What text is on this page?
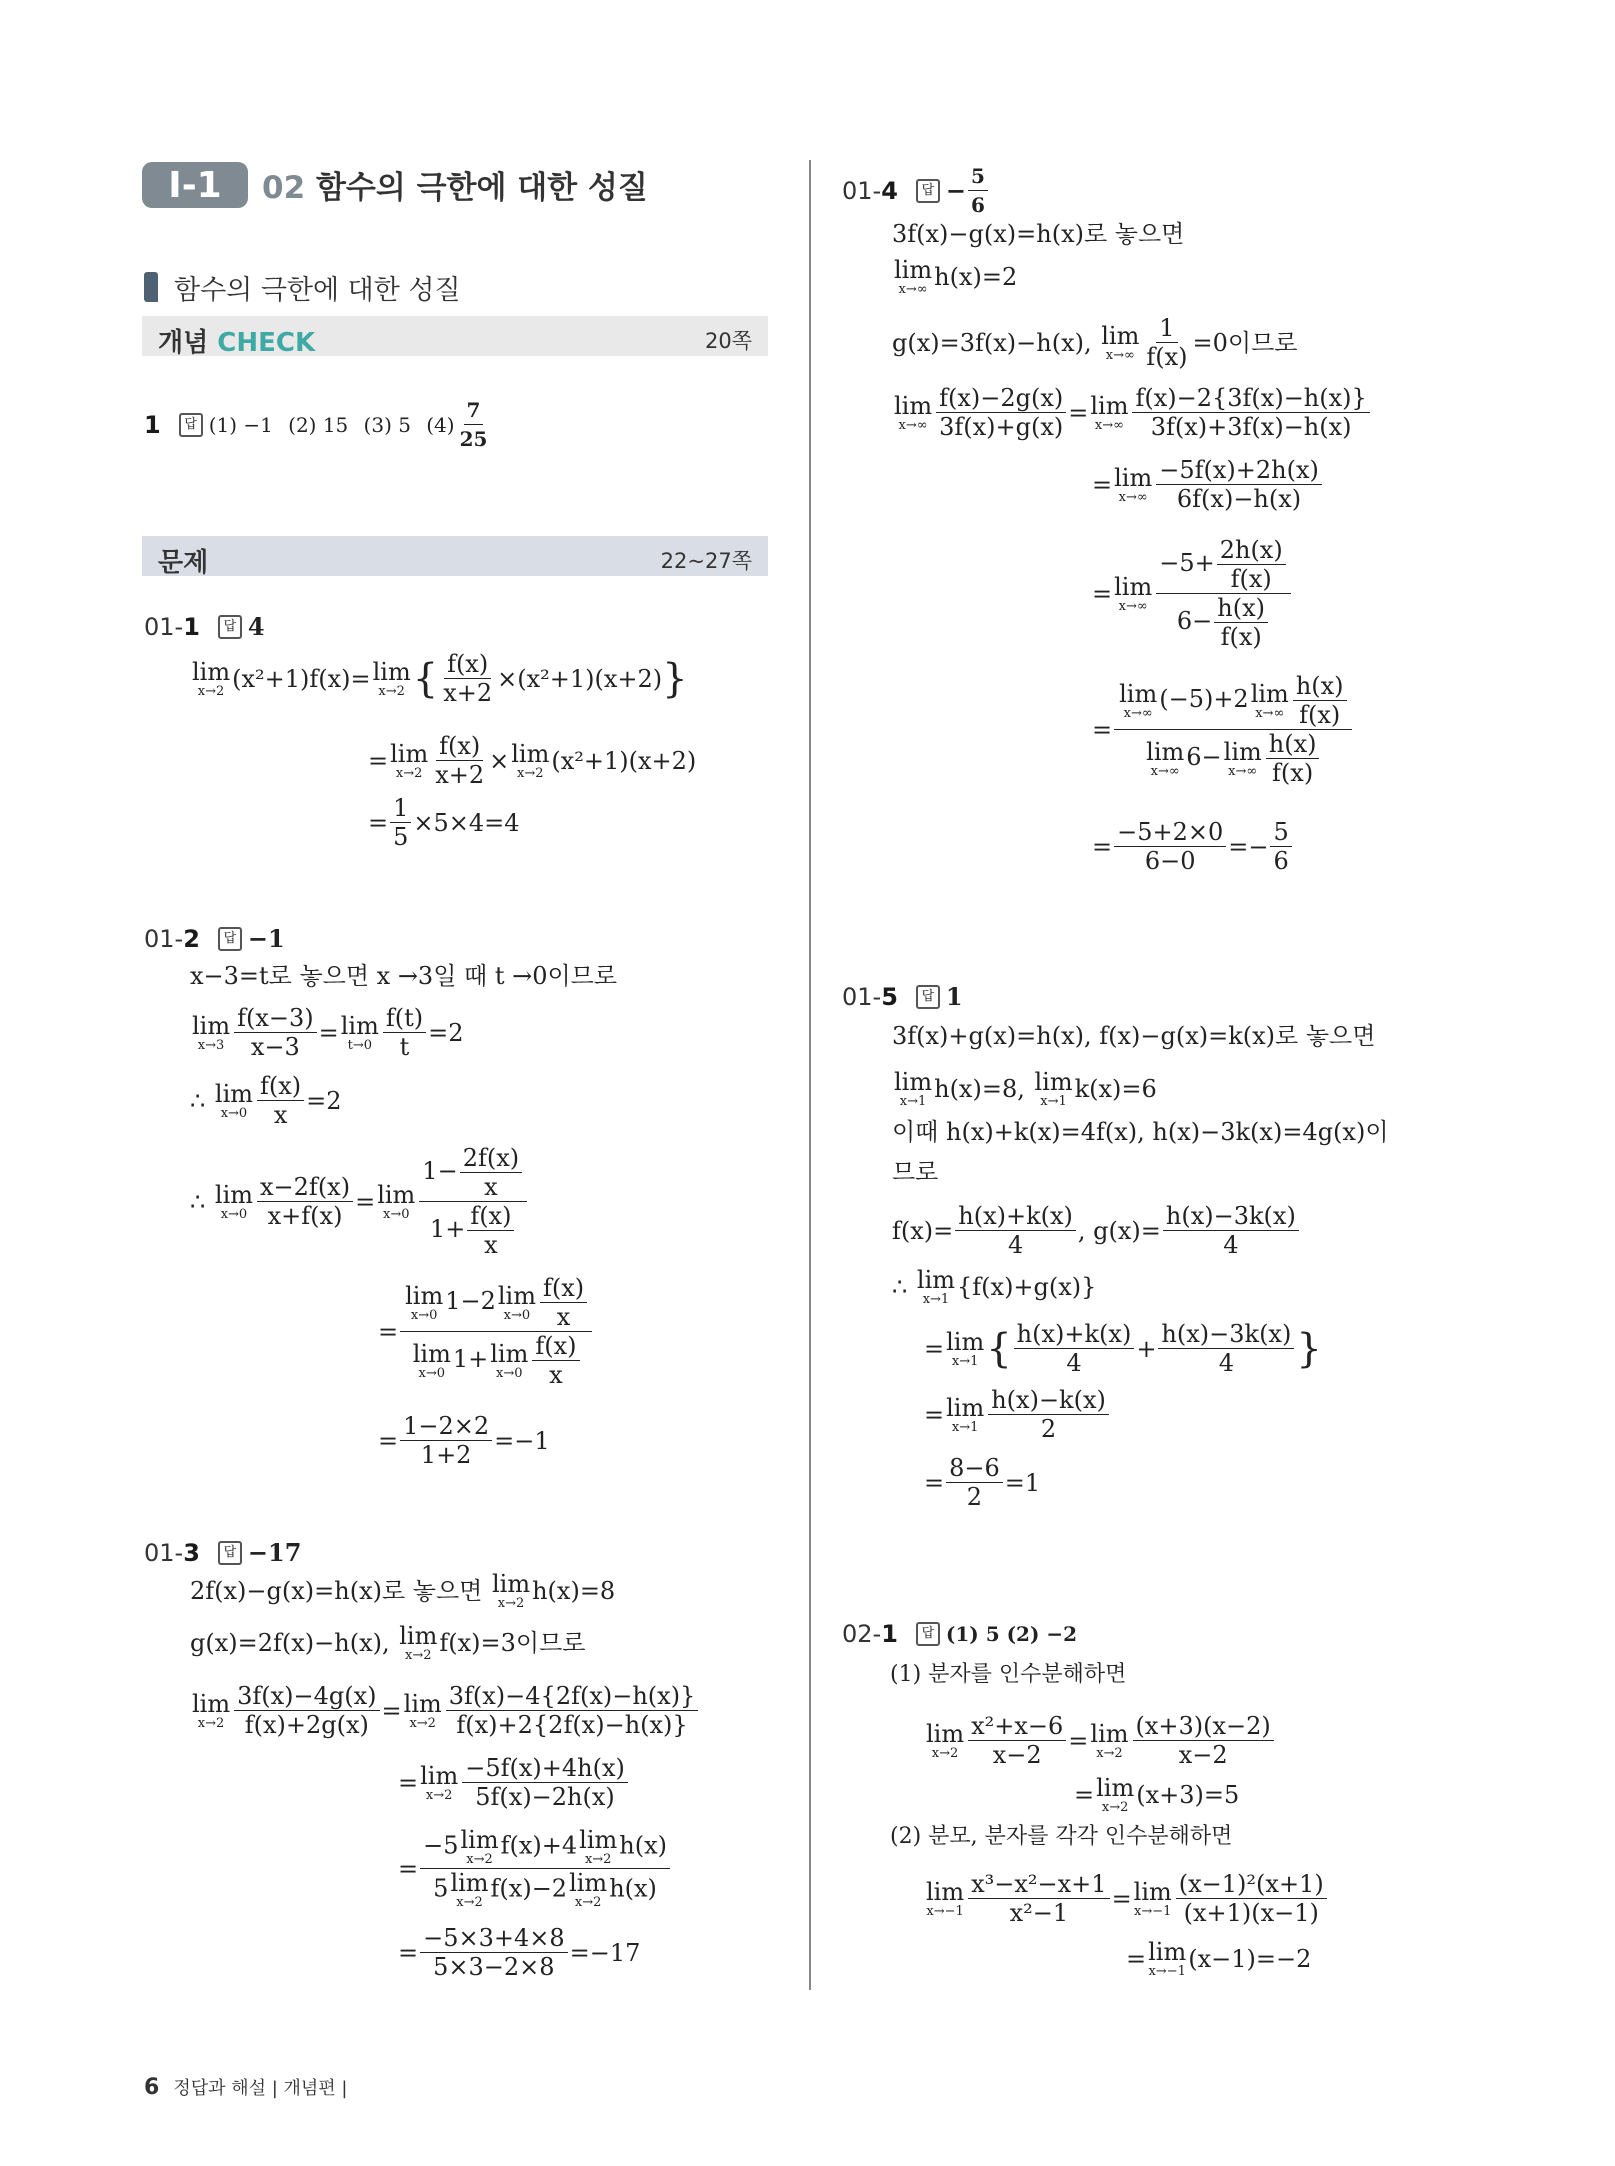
Ⅰ-1	02 함수의 극한에 대한 성질
함수의 극한에 대한 성질
개념 CHECK	20쪽
1	답 (1) −1
(2) 15
(3) 5
$(4) \frac{7}{25}$
문제	22~27쪽
01-1	답 4
lim
x→2 (x²+1)f(x)= lim
x→2 { $\frac{f(x)}{x+2} \times(x^2+1)(x+2)$ }
= lim
$x\to 2 \frac{f(x)}{x+2} \times \lim$
x→2 (x²+1)(x+2)
= $\frac{1}{5} \times 5\times 4=4$
01-2	답 −1
x−3=t로 놓으면 x →3일 때 t →0이므로
lim
$x\to 3 \frac{f(x-3)}{x-3} = \lim$
$t\to 0 \frac{f(t)}{t} =2$
∴ lim
$x\to 0 \frac{f(x)}{x} =2$
∴ lim
$x\to 0 \frac{x-2f(x)}{x+f(x)} = \lim$
$x\to 0 \frac{1- \frac{2f(x)}{x}}{1+ \frac{f(x)}{x}}$
= lim
x→0 1−2 lim
$x\to 0 \frac{f(x)}{x}$
lim
x→0 1+ lim
$x\to 0 \frac{f(x)}{x}$
= $\frac{1-2\times 2}{1+2} =-1$
01-3	답 −17
2f(x)−g(x)=h(x)로 놓으면
lim
x→2 h(x)=8
g(x)=2f(x)−h(x),
lim
x→2 f(x)=3이므로
lim
$x\to 2 \frac{3f(x)-4g(x)}{f(x)+2g(x)} = \lim$
$x\to 2 \frac{3f(x)-4\{2f(x)-h(x)\}}{f(x)+2\{2f(x)-h(x)\}}$
= lim
$x\to 2 \frac{-5f(x)+4h(x)}{5f(x)-2h(x)}$
= −5 lim
x→2 f(x)+4 lim
x→2 h(x)
5 lim
x→2 f(x)−2 lim
x→2 h(x)
= $\frac{-5\times 3+4\times 8}{5\times 3-2\times 8} =-17$
01-4	답 − $\frac{5}{6}$
3f(x)−g(x)=h(x)로 놓으면
lim
x→∞ h(x)=2
g(x)=3f(x)−h(x),
lim
$x\to\infty \frac{1}{f(x)} =0$이므로
lim
$x\to\infty \frac{f(x)-2g(x)}{3f(x)+g(x)} = \lim$
$x\to\infty \frac{f(x)-2\{3f(x)-h(x)\}}{3f(x)+3f(x)-h(x)}$
= lim
$x\to\infty \frac{-5f(x)+2h(x)}{6f(x)-h(x)}$
= lim
$x\to\infty \frac{-5+ \frac{2h(x)}{f(x)}}{6- \frac{h(x)}{f(x)}}$
= lim
x→∞ (−5)+2 lim
$x\to\infty \frac{h(x)}{f(x)}$
lim
x→∞ 6− lim
$x\to\infty \frac{h(x)}{f(x)}$
= $\frac{-5+2\times 0}{6-0} =- \frac{5}{6}$
01-5	답 1
3f(x)+g(x)=h(x), f(x)−g(x)=k(x)로 놓으면
lim
x→1 h(x)=8, lim
x→1 k(x)=6
이때 h(x)+k(x)=4f(x), h(x)−3k(x)=4g(x)이
므로
$f(x)= \frac{h(x)+k(x)}{4}$ , $g(x)= \frac{h(x)-3k(x)}{4}$
∴ lim
x→1 {f(x)+g(x)}
= lim
x→1 { $\frac{h(x)+k(x)}{4} + \frac{h(x)-3k(x)}{4}$ }
= lim
$x\to 1 \frac{h(x)-k(x)}{2}$
= $\frac{8-6}{2} =1$
02-1	답 (1) 5 (2) −2
(1) 분자를 인수분해하면
lim
$x\to 2 \frac{\text{x²+x−6}}{x-2} = \lim$
$x\to 2 \frac{(x+3)(x-2)}{x-2}$
= lim
x→2 (x+3)=5
(2) 분모, 분자를 각각 인수분해하면
lim
$x\to-1 \frac{\text{x³−x²−x+1}}{\text{x²−1}} = \lim$
$x\to-1 \frac{\text{(x−1)²(x+1)}}{(x+1)(x-1)}$
= lim
x→−1 (x−1)=−2
6 정답과 해설 | 개념편 |
